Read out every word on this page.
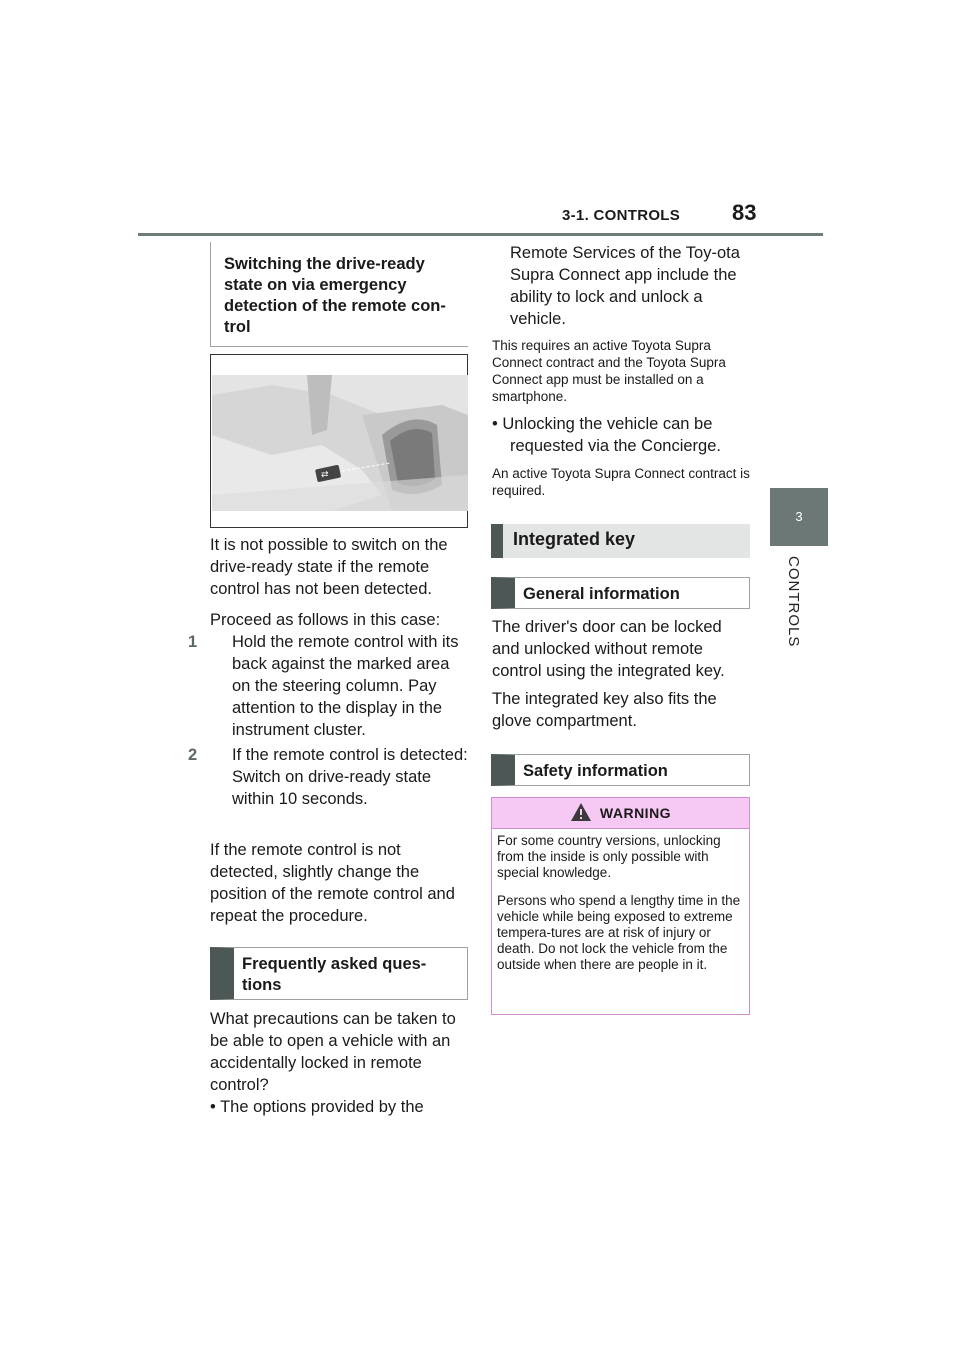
3-1. CONTROLS 83
3
CONTROLS
Switching the drive-ready state on via emergency detection of the remote con-trol
⇄
It is not possible to switch on the drive-ready state if the remote control has not been detected.
Proceed as follows in this case:
1 Hold the remote control with its back against the marked area on the steering column. Pay attention to the display in the instrument cluster.
2 If the remote control is detected: Switch on drive-ready state within 10 seconds.
If the remote control is not detected, slightly change the position of the remote control and repeat the procedure.
Frequently asked ques-tions
What precautions can be taken to be able to open a vehicle with an accidentally locked in remote control?
• The options provided by the
Remote Services of the Toy-ota Supra Connect app include the ability to lock and unlock a vehicle.
This requires an active Toyota Supra Connect contract and the Toyota Supra Connect app must be installed on a smartphone.
• Unlocking the vehicle can be requested via the Concierge.
An active Toyota Supra Connect contract is required.
Integrated key
General information
The driver's door can be locked and unlocked without remote control using the integrated key.
The integrated key also fits the glove compartment.
Safety information
WARNING

For some country versions, unlocking from the inside is only possible with special knowledge.

Persons who spend a lengthy time in the vehicle while being exposed to extreme tempera-tures are at risk of injury or death. Do not lock the vehicle from the outside when there are people in it.
